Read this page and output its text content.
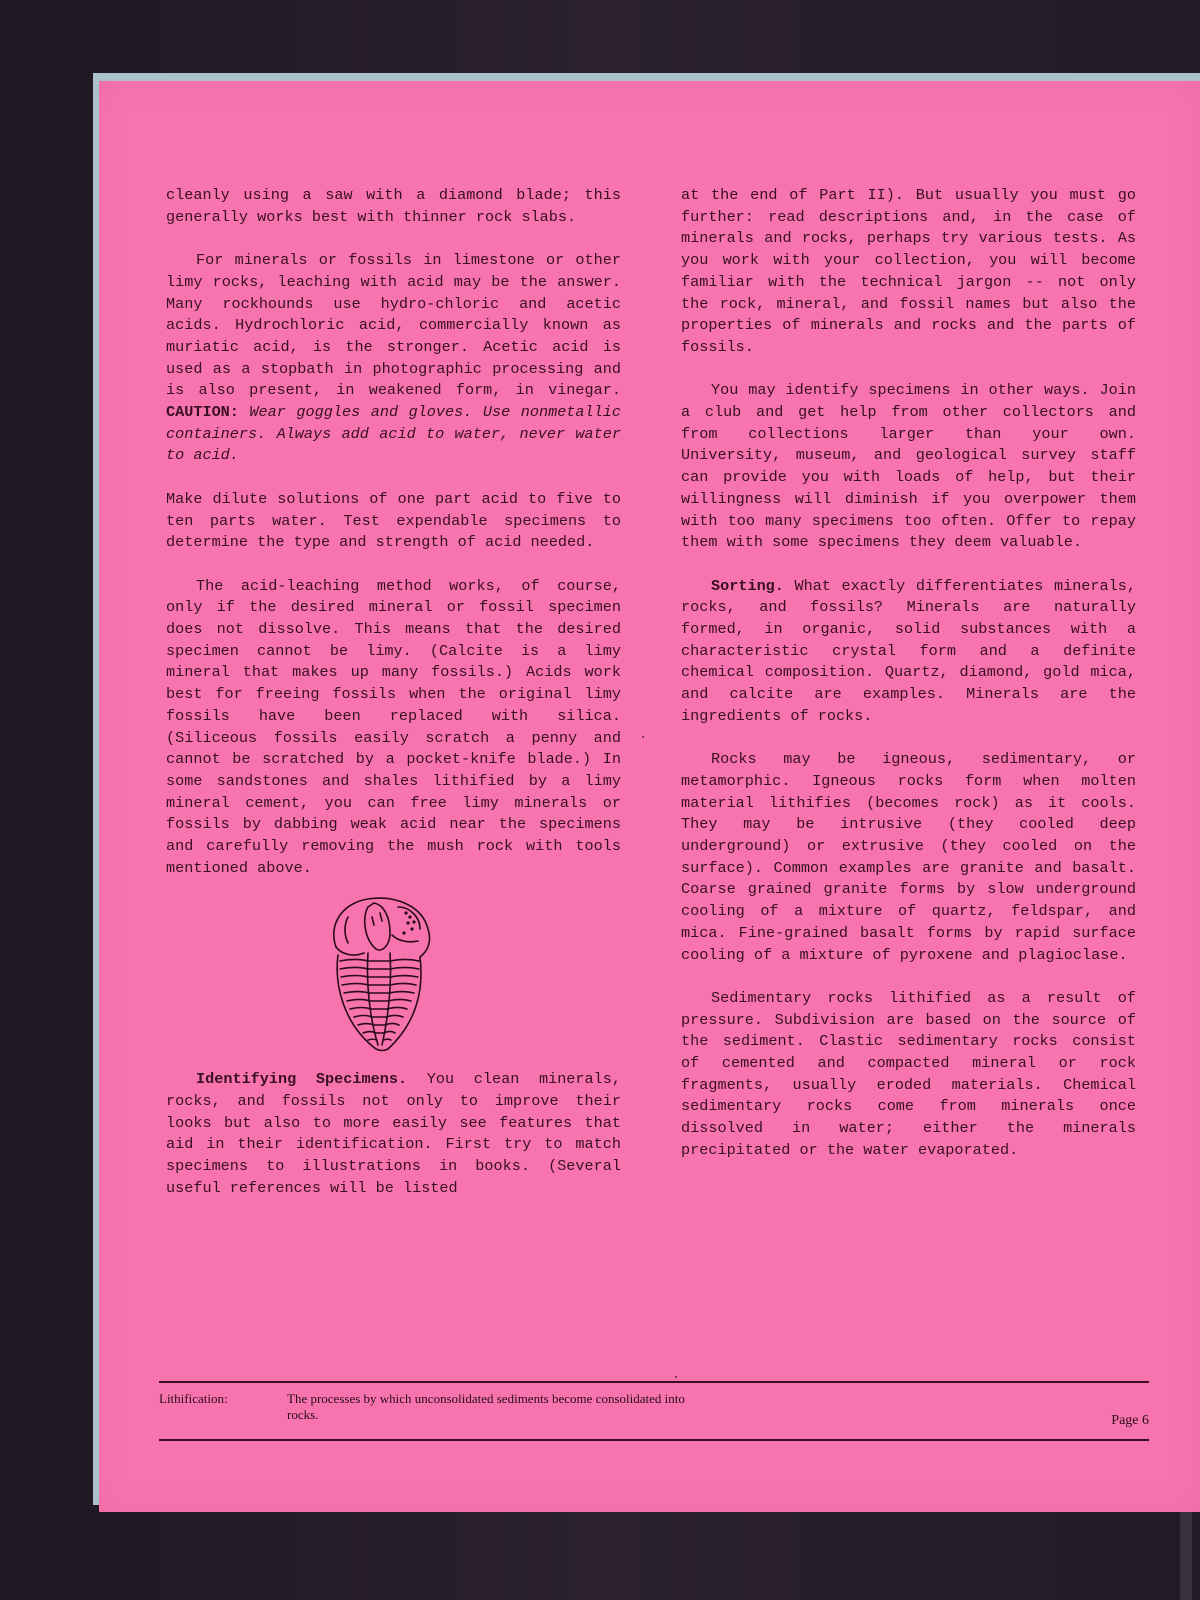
cleanly using a saw with a diamond blade; this generally works best with thinner rock slabs.

For minerals or fossils in limestone or other limy rocks, leaching with acid may be the answer. Many rockhounds use hydro-chloric and acetic acids. Hydrochloric acid, commercially known as muriatic acid, is the stronger. Acetic acid is used as a stopbath in photographic processing and is also present, in weakened form, in vinegar. CAUTION: Wear goggles and gloves. Use nonmetallic containers. Always add acid to water, never water to acid.

Make dilute solutions of one part acid to five to ten parts water. Test expendable specimens to determine the type and strength of acid needed.

The acid-leaching method works, of course, only if the desired mineral or fossil specimen does not dissolve. This means that the desired specimen cannot be limy. (Calcite is a limy mineral that makes up many fossils.) Acids work best for freeing fossils when the original limy fossils have been replaced with silica. (Siliceous fossils easily scratch a penny and cannot be scratched by a pocket-knife blade.) In some sandstones and shales lithified by a limy mineral cement, you can free limy minerals or fossils by dabbing weak acid near the specimens and carefully removing the mush rock with tools mentioned above.

Identifying Specimens. You clean minerals, rocks, and fossils not only to improve their looks but also to more easily see features that aid in their identification. First try to match specimens to illustrations in books. (Several useful references will be listed

at the end of Part II). But usually you must go further: read descriptions and, in the case of minerals and rocks, perhaps try various tests. As you work with your collection, you will become familiar with the technical jargon -- not only the rock, mineral, and fossil names but also the properties of minerals and rocks and the parts of fossils.

You may identify specimens in other ways. Join a club and get help from other collectors and from collections larger than your own. University, museum, and geological survey staff can provide you with loads of help, but their willingness will diminish if you overpower them with too many specimens too often. Offer to repay them with some specimens they deem valuable.

Sorting. What exactly differentiates minerals, rocks, and fossils? Minerals are naturally formed, in organic, solid substances with a characteristic crystal form and a definite chemical composition. Quartz, diamond, gold mica, and calcite are examples. Minerals are the ingredients of rocks.

Rocks may be igneous, sedimentary, or metamorphic. Igneous rocks form when molten material lithifies (becomes rock) as it cools. They may be intrusive (they cooled deep underground) or extrusive (they cooled on the surface). Common examples are granite and basalt. Coarse grained granite forms by slow underground cooling of a mixture of quartz, feldspar, and mica. Fine-grained basalt forms by rapid surface cooling of a mixture of pyroxene and plagioclase.

Sedimentary rocks lithified as a result of pressure. Subdivision are based on the source of the sediment. Clastic sedimentary rocks consist of cemented and compacted mineral or rock fragments, usually eroded materials. Chemical sedimentary rocks come from minerals once dissolved in water; either the minerals precipitated or the water evaporated.

Lithification:	The processes by which unconsolidated sediments become consolidated into rocks.	Page 6
